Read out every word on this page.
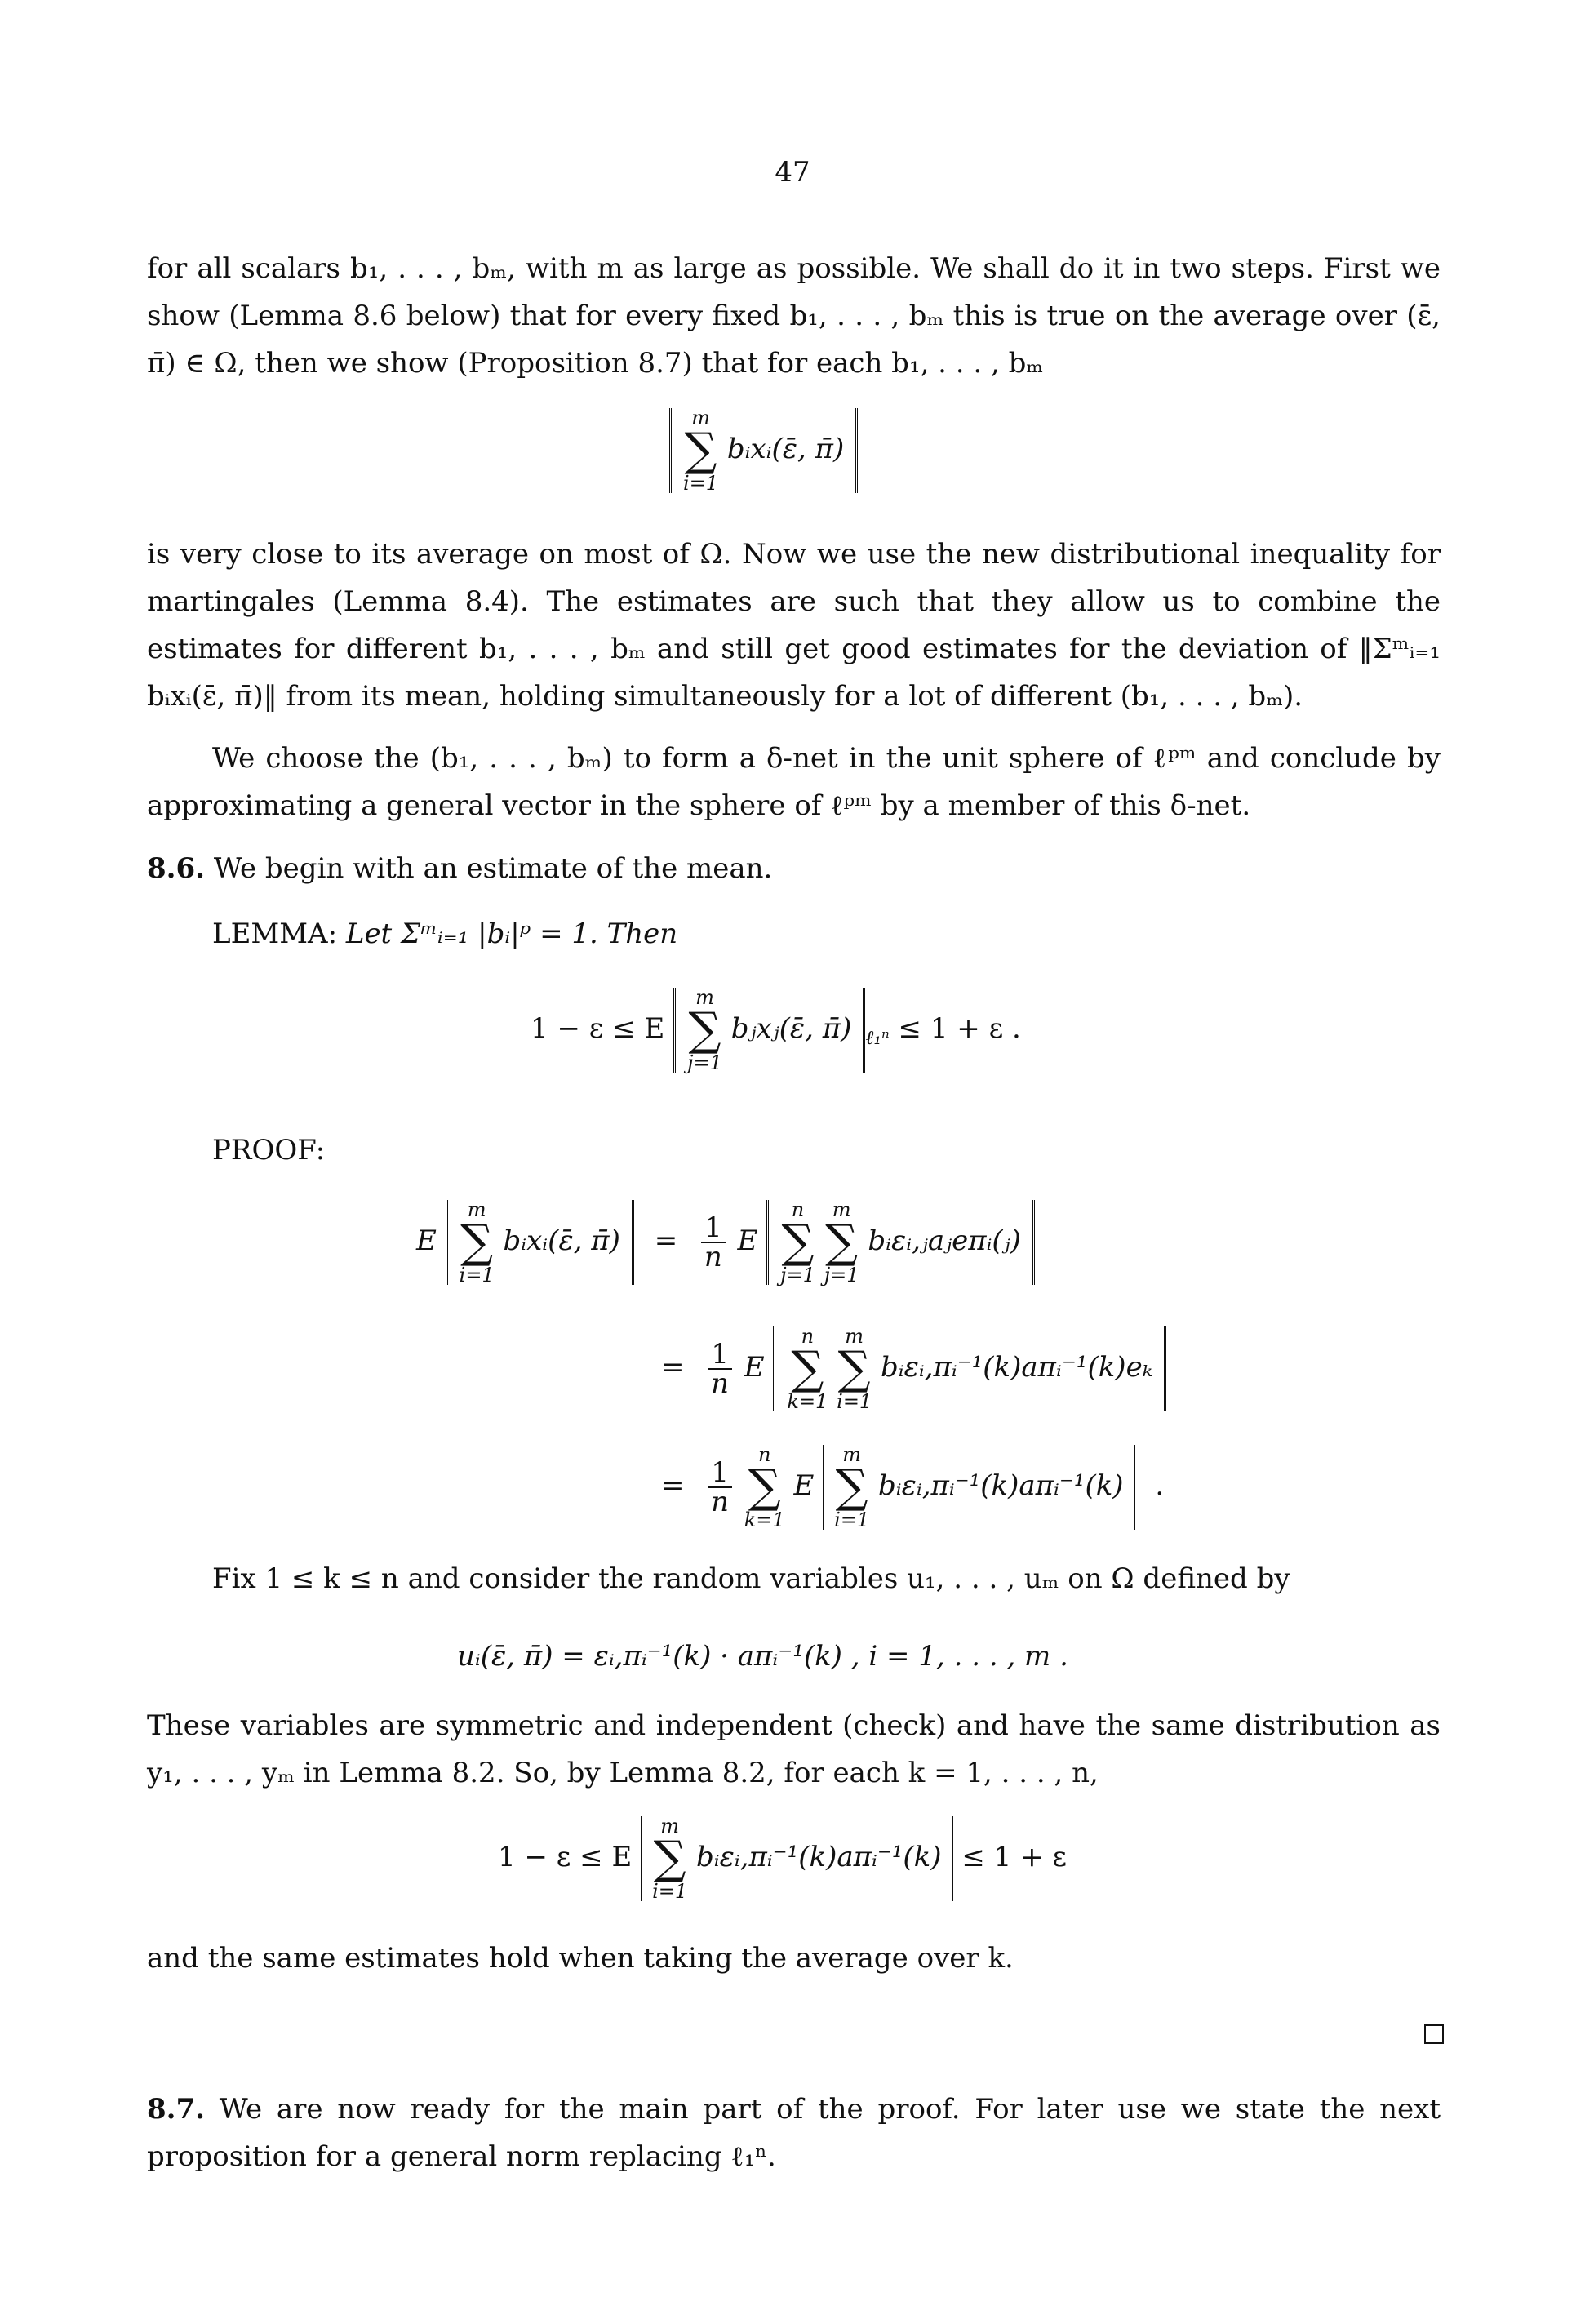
47
for all scalars b₁, . . . , bₘ, with m as large as possible. We shall do it in two steps. First we show (Lemma 8.6 below) that for every fixed b₁, . . . , bₘ this is true on the average over (ε̄, π̄) ∈ Ω, then we show (Proposition 8.7) that for each b₁, . . . , bₘ
m
∑
i=1
bᵢxᵢ(ε̄, π̄)
is very close to its average on most of Ω. Now we use the new distributional inequality for martingales (Lemma 8.4). The estimates are such that they allow us to combine the estimates for different b₁, . . . , bₘ and still get good estimates for the deviation of ‖Σᵐᵢ₌₁ bᵢxᵢ(ε̄, π̄)‖ from its mean, holding simultaneously for a lot of different (b₁, . . . , bₘ).
We choose the (b₁, . . . , bₘ) to form a δ-net in the unit sphere of ℓᵖᵐ and conclude by approximating a general vector in the sphere of ℓᵖᵐ by a member of this δ-net.
8.6. We begin with an estimate of the mean.
LEMMA: Let Σᵐᵢ₌₁ |bᵢ|ᵖ = 1. Then
1 − ε ≤ E
m
∑
j=1
bⱼxⱼ(ε̄, π̄) $_{\ell_1^n}$ ≤ 1 + ε .
PROOF:
E
m
∑
i=1
bᵢxᵢ(ε̄, π̄) = $\frac{1}{n}$ E
n
∑
j=1

m
∑
j=1
bᵢεᵢ,ⱼaⱼeπᵢ(ⱼ)
= $\frac{1}{n}$ E
n
∑
k=1

m
∑
i=1
bᵢεᵢ,πᵢ⁻¹(k)aπᵢ⁻¹(k)eₖ
= $\frac{1}{n}$

n
∑
k=1
E
m
∑
i=1
bᵢεᵢ,πᵢ⁻¹(k)aπᵢ⁻¹(k) .
Fix 1 ≤ k ≤ n and consider the random variables u₁, . . . , uₘ on Ω defined by
uᵢ(ε̄, π̄) = εᵢ,πᵢ⁻¹(k) · aπᵢ⁻¹(k) , i = 1, . . . , m .
These variables are symmetric and independent (check) and have the same distribution as y₁, . . . , yₘ in Lemma 8.2. So, by Lemma 8.2, for each k = 1, . . . , n,
1 − ε ≤ E
m
∑
i=1
bᵢεᵢ,πᵢ⁻¹(k)aπᵢ⁻¹(k) ≤ 1 + ε
and the same estimates hold when taking the average over k.
8.7. We are now ready for the main part of the proof. For later use we state the next proposition for a general norm replacing ℓ₁ⁿ.
